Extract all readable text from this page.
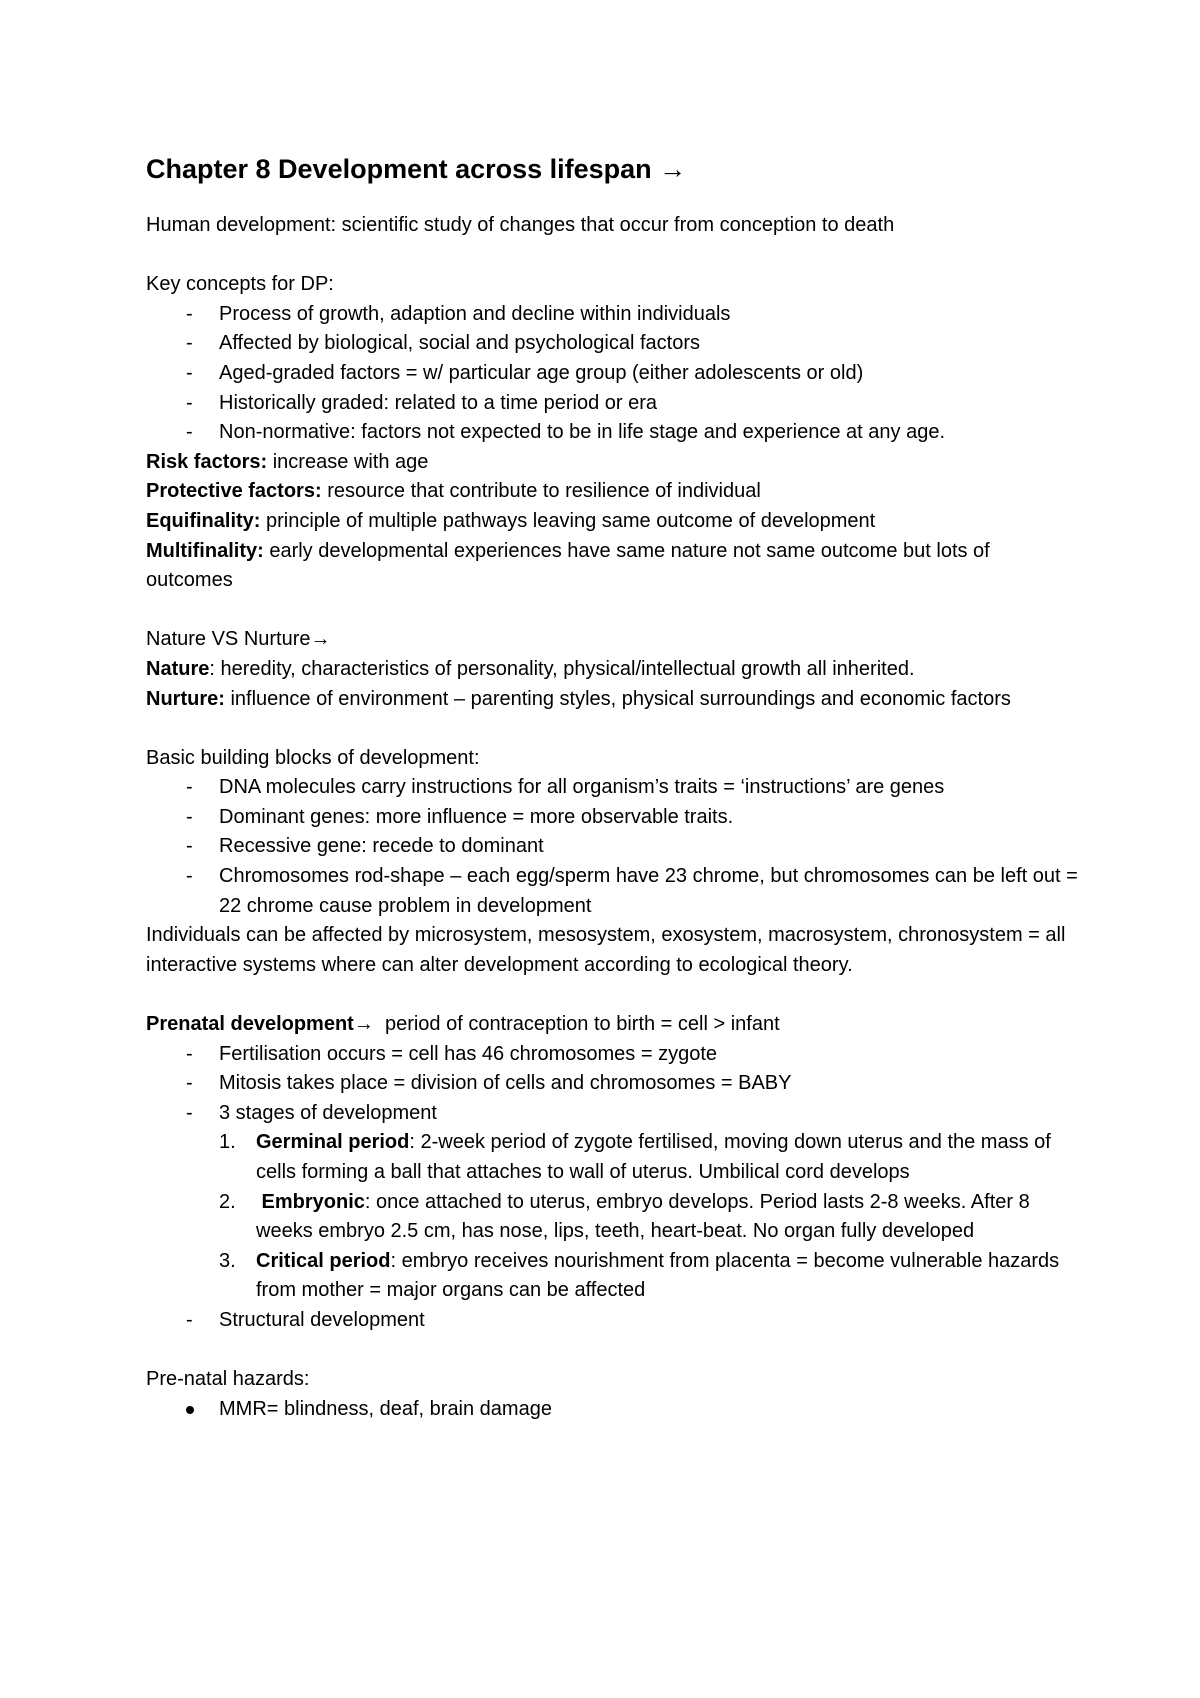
Chapter 8 Development across lifespan →

Human development: scientific study of changes that occur from conception to death

Key concepts for DP:

- Process of growth, adaption and decline within individuals
- Affected by biological, social and psychological factors
- Aged-graded factors = w/ particular age group (either adolescents or old)
- Historically graded: related to a time period or era
- Non-normative: factors not expected to be in life stage and experience at any age.

Risk factors: increase with age

Protective factors: resource that contribute to resilience of individual

Equifinality: principle of multiple pathways leaving same outcome of development

Multifinality: early developmental experiences have same nature not same outcome but lots of outcomes

Nature VS Nurture→

Nature: heredity, characteristics of personality, physical/intellectual growth all inherited.

Nurture: influence of environment – parenting styles, physical surroundings and economic factors

Basic building blocks of development:

- DNA molecules carry instructions for all organism’s traits = ‘instructions’ are genes
- Dominant genes: more influence = more observable traits.
- Recessive gene: recede to dominant
- Chromosomes rod-shape – each egg/sperm have 23 chrome, but chromosomes can be left out = 22 chrome cause problem in development

Individuals can be affected by microsystem, mesosystem, exosystem, macrosystem, chronosystem = all interactive systems where can alter development according to ecological theory.

Prenatal development→  period of contraception to birth = cell > infant

- Fertilisation occurs = cell has 46 chromosomes = zygote
- Mitosis takes place = division of cells and chromosomes = BABY
- 3 stages of development
1. Germinal period: 2-week period of zygote fertilised, moving down uterus and the mass of cells forming a ball that attaches to wall of uterus. Umbilical cord develops
2. Embryonic: once attached to uterus, embryo develops. Period lasts 2-8 weeks. After 8 weeks embryo 2.5 cm, has nose, lips, teeth, heart-beat. No organ fully developed
3. Critical period: embryo receives nourishment from placenta = become vulnerable hazards from mother = major organs can be affected
- Structural development

Pre-natal hazards:

MMR= blindness, deaf, brain damage
